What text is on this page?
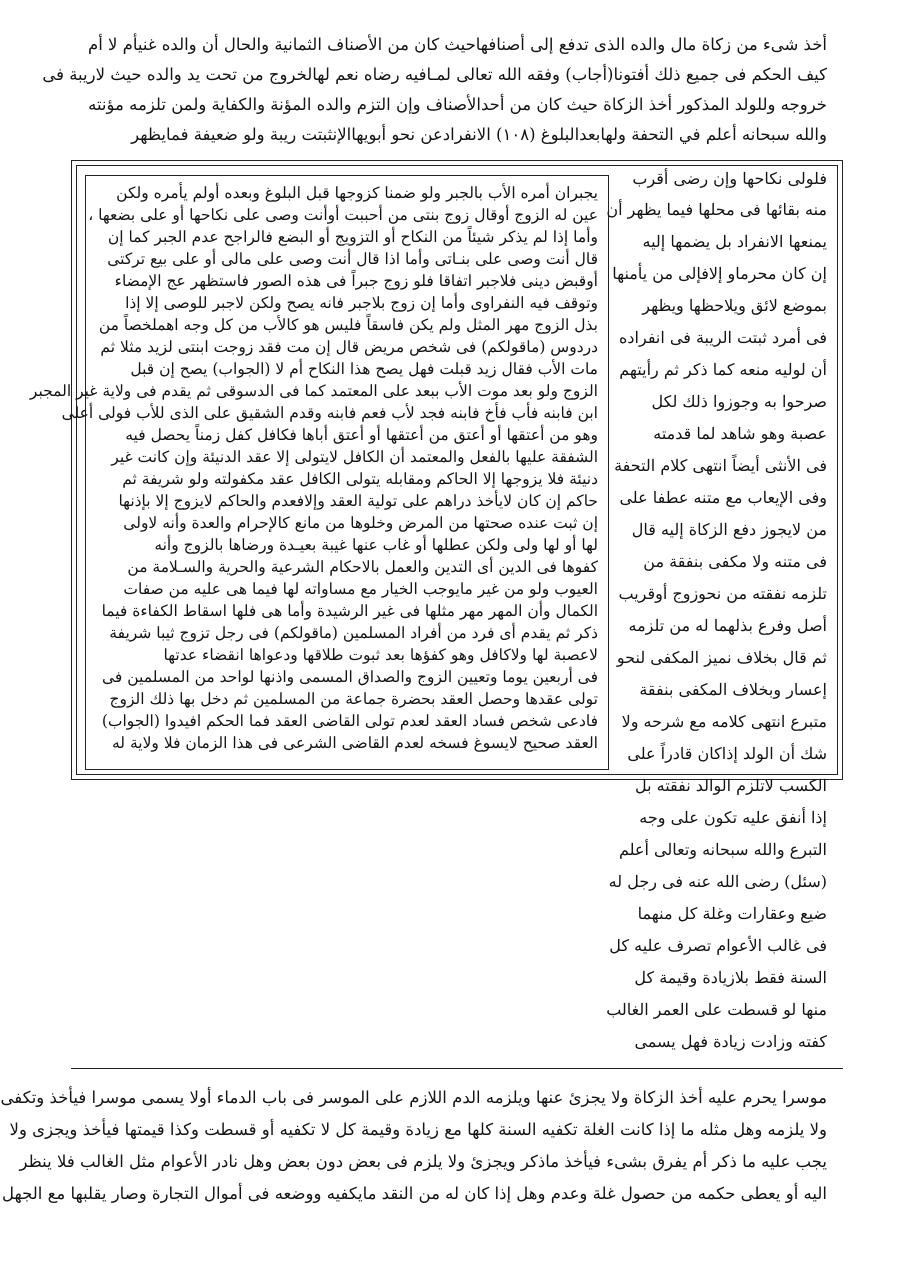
أخذ شىء من زكاة مال والده الذى تدفع إلى أصنافهاحيث كان من الأصناف الثمانية والحال أن والده غنيأم لا أم
كيف الحكم فى جميع ذلك أفتونا(أجاب) وفقه الله تعالى لمـافيه رضاه نعم لهالخروج من تحت يد والده حيث لاريبة فى
خروجه وللولد المذكور أخذ الزكاة حيث كان من أحدالأصناف وإن التزم والده المؤنة والكفاية ولمن تلزمه مؤنته
والله سبحانه أعلم في التحفة ولهابعدالبلوغ (١٠٨) الانفرادعن نحو أبويهاالإنثبتت ريبة ولو ضعيفة فمايظهر
فلولى نكاحها وإن رضى أقرب
منه بقائها فى محلها فيما يظهر أن
يمنعها الانفراد بل يضمها إليه
إن كان محرماو إلافإلى من يأمنها
بموضع لائق ويلاحظها ويظهر
فى أمرد ثبتت الريبة فى انفراده
أن لوليه منعه كما ذكر ثم رأيتهم
صرحوا به وجوزوا ذلك لكل
عصبة وهو شاهد لما قدمته
فى الأنثى أيضاً انتهى كلام التحفة
وفى الإيعاب مع متنه عطفا على
من لايجوز دفع الزكاة إليه قال
فى متنه ولا مكفى بنفقة من
تلزمه نفقته من نحوزوج أوقريب
أصل وفرع بذلهما له من تلزمه
ثم قال بخلاف نميز المكفى لنحو
إعسار وبخلاف المكفى بنفقة
متبرع انتهى كلامه مع شرحه ولا
شك أن الولد إذاكان قادراً على
الكسب لاتلزم الوالد نفقته بل
إذا أنفق عليه تكون على وجه
التبرع والله سبحانه وتعالى أعلم
(سئل) رضى الله عنه فى رجل له
ضيع وعقارات وغلة كل منهما
فى غالب الأعوام تصرف عليه كل
السنة فقط بلازيادة وقيمة كل
منها لو قسطت على العمر الغالب
كفته وزادت زيادة فهل يسمى
يجبران أمره الأب بالجبر ولو ضمنا كزوجها قبل البلوغ وبعده أولم يأمره ولكن
عين له الزوج أوقال زوج بنتى من أحببت أوأنت وصى على نكاحها أو على بضعها ،
وأما إذا لم يذكر شيئاً من النكاح أو التزويج أو البضع فالراجح عدم الجبر كما إن
قال أنت وصى على بنـاتى وأما اذا قال أنت وصى على مالى أو على بيع تركتى
أوقبض دينى فلاجبر اتفاقا فلو زوج جبراً فى هذه الصور فاستظهر عج الإمضاء
وتوقف فيه النفراوى وأما إن زوج بلاجبر فانه يصح ولكن لاجبر للوصى إلا إذا
بذل الزوج مهر المثل ولم يكن فاسقاً فليس هو كالأب من كل وجه اهملخصاً من
دردوس (ماقولكم) فى شخص مريض قال إن مت فقد زوجت ابنتى لزيد مثلا ثم
مات الأب فقال زيد قبلت فهل يصح هذا النكاح أم لا (الجواب) يصح إن قبل
الزوج ولو بعد موت الأب ببعد على المعتمد كما فى الدسوقى ثم يقدم فى ولاية غير المجبر
ابن فابنه فأب فأخ فابنه فجد لأب فعم فابنه وقدم الشقيق على الذى للأب فولى أعلى
وهو من أعتقها أو أعتق من أعتقها أو أعتق أباها فكافل كفل زمناً يحصل فيه
الشفقة عليها بالفعل والمعتمد أن الكافل لايتولى إلا عقد الدنيئة وإن كانت غير
دنيئة فلا يزوجها إلا الحاكم ومقابله يتولى الكافل عقد مكفولته ولو شريفة ثم
حاكم إن كان لايأخذ دراهم على تولية العقد وإلافعدم والحاكم لايزوج إلا بإذنها
إن ثبت عنده صحتها من المرض وخلوها من مانع كالإحرام والعدة وأنه لاولى
لها أو لها ولى ولكن عطلها أو غاب عنها غيبة بعيـدة ورضاها بالزوج وأنه
كفوها فى الدين أى التدين والعمل بالاحكام الشرعية والحرية والسـلامة من
العيوب ولو من غير مايوجب الخيار مع مساواته لها فيما هى عليه من صفات
الكمال وأن المهر مهر مثلها فى غير الرشيدة وأما هى فلها اسقاط الكفاءة فيما
ذكر ثم يقدم أى فرد من أفراد المسلمين (ماقولكم) فى رجل تزوج ثيبا شريفة
لاعصبة لها ولاكافل وهو كفؤها بعد ثبوت طلاقها ودعواها انقضاء عدتها
فى أربعين يوما وتعيين الزوج والصداق المسمى واذنها لواحد من المسلمين فى
تولى عقدها وحصل العقد بحضرة جماعة من المسلمين ثم دخل بها ذلك الزوج
فادعى شخص فساد العقد لعدم تولى القاضى العقد فما الحكم افيدوا (الجواب)
العقد صحيح لايسوغ فسخه لعدم القاضى الشرعى فى هذا الزمان فلا ولاية له
موسرا يحرم عليه أخذ الزكاة ولا يجزئ عنها ويلزمه الدم اللازم على الموسر فى باب الدماء أولا يسمى موسرا فيأخذ وتكفى
ولا يلزمه وهل مثله ما إذا كانت الغلة تكفيه السنة كلها مع زيادة وقيمة كل لا تكفيه أو قسطت وكذا قيمتها فيأخذ ويجزى ولا
يجب عليه ما ذكر أم يفرق بشىء فيأخذ ماذكر ويجزئ ولا يلزم فى بعض دون بعض وهل نادر الأعوام مثل الغالب فلا ينظر
اليه أو يعطى حكمه من حصول غلة وعدم وهل إذا كان له من النقد مايكفيه ووضعه فى أموال التجارة وصار يقلبها مع الجهل
